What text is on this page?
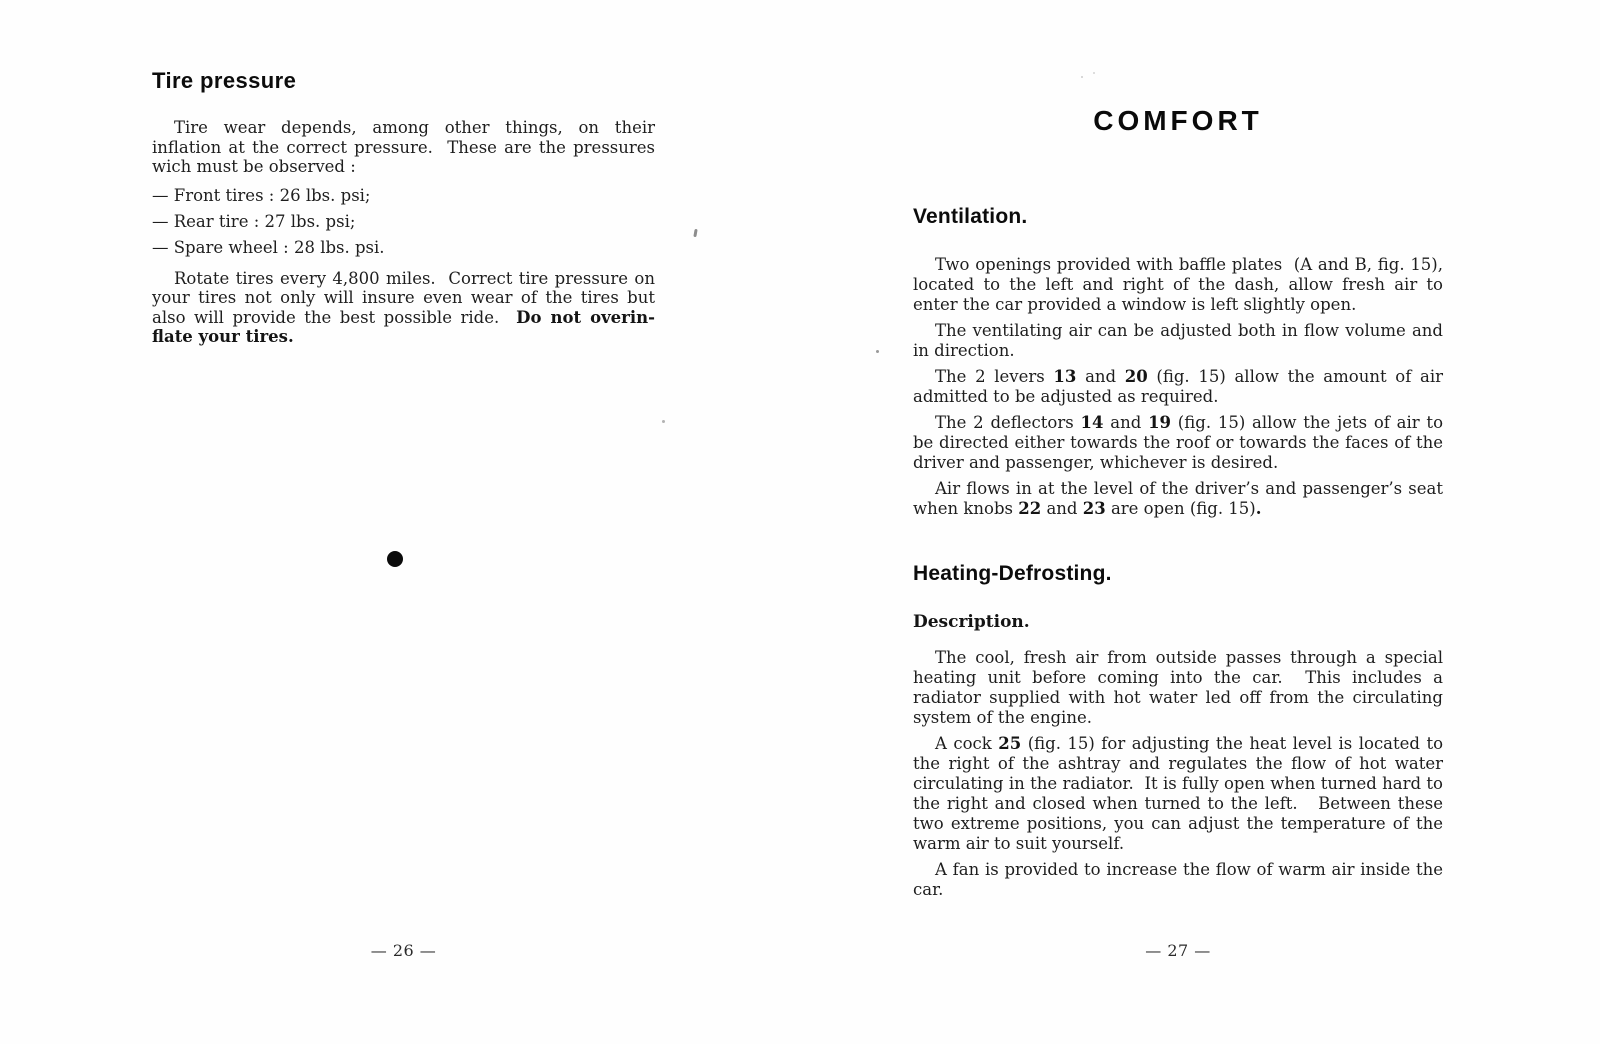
Tire pressure

Tire wear depends, among other things, on their inflation at the correct pressure.  These are the pressures wich must be observed :

— Front tires : 26 lbs. psi;

— Rear tire : 27 lbs. psi;

— Spare wheel : 28 lbs. psi.

Rotate tires every 4,800 miles.  Correct tire pressure on your tires not only will insure even wear of the tires but also will provide the best possible ride.  Do not overinflate your tires.

COMFORT
Ventilation.

Two openings provided with baffle plates  (A and B, fig. 15), located to the left and right of the dash, allow fresh air to enter the car provided a window is left slightly open.

The ventilating air can be adjusted both in flow volume and in direction.

The 2 levers 13 and 20 (fig. 15) allow the amount of air admitted to be adjusted as required.

The 2 deflectors 14 and 19 (fig. 15) allow the jets of air to be directed either towards the roof or towards the faces of the driver and passenger, whichever is desired.

Air flows in at the level of the driver’s and passenger’s seat when knobs 22 and 23 are open (fig. 15).

Heating-Defrosting.
Description.

The cool, fresh air from outside passes through a special heating unit before coming into the car.  This includes a radiator supplied with hot water led off from the circulating system of the engine.

A cock 25 (fig. 15) for adjusting the heat level is located to the right of the ashtray and regulates the flow of hot water circulating in the radiator.  It is fully open when turned hard to the right and closed when turned to the left.   Between these two extreme positions, you can adjust the temperature of the warm air to suit yourself.

A fan is provided to increase the flow of warm air inside the car.

— 26 —	— 27 —
